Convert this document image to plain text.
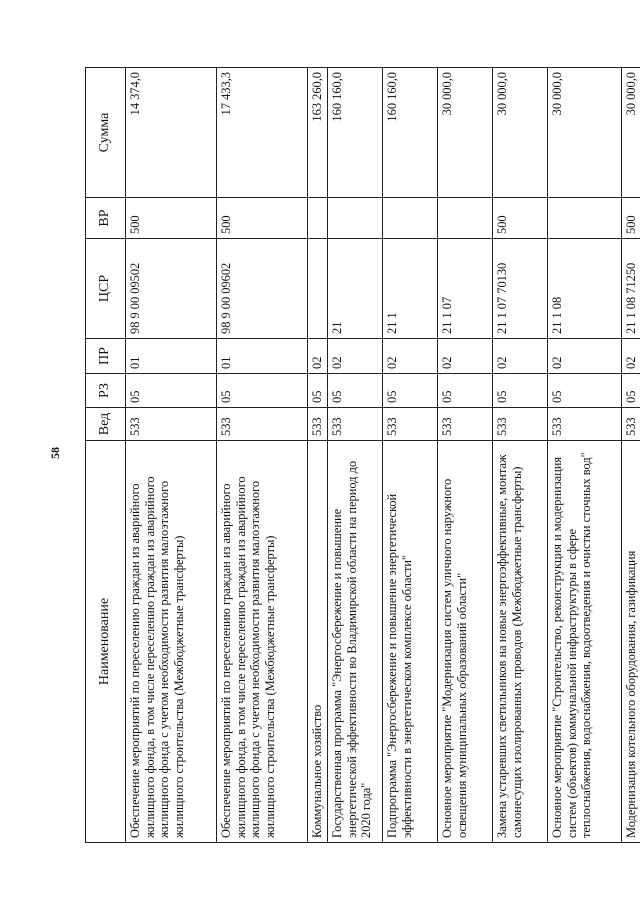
58
Наименование	Вед	РЗ	ПР	ЦСР	ВР	Сумма
Обеспечение мероприятий по переселению граждан из аварийного жилищного фонда, в том числе переселению граждан из аварийного жилищного фонда с учетом необходимости развития малоэтажного жилищного строительства (Межбюджетные трансферты)	533	05	01	98 9 00 09502	500	14 374,0
Обеспечение мероприятий по переселению граждан из аварийного жилищного фонда, в том числе переселению граждан из аварийного жилищного фонда с учетом необходимости развития малоэтажного жилищного строительства (Межбюджетные трансферты)	533	05	01	98 9 00 09602	500	17 433,3
Коммунальное хозяйство	533	05	02			163 260,0
Государственная программа "Энергосбережение и повышение энергетической эффективности во Владимирской области на период до 2020 года"	533	05	02	21		160 160,0
Подпрограмма "Энергосбережение и повышение энергетической эффективности в энергетическом комплексе области"	533	05	02	21 1		160 160,0
Основное мероприятие "Модернизация систем уличного наружного освещения муниципальных образований области"	533	05	02	21 1 07		30 000,0
Замена устаревших светильников на новые энергоэффективные, монтаж самонесущих изолированных проводов (Межбюджетные трансферты)	533	05	02	21 1 07 70130	500	30 000,0
Основное мероприятие "Строительство, реконструкция и модернизация систем (объектов) коммунальной инфраструктуры в сфере теплоснабжения, водоснабжения, водоотведения и очистки сточных вод"	533	05	02	21 1 08		30 000,0
Модернизация котельного оборудования, газификация	533	05	02	21 1 08 71250	500	30 000,0
